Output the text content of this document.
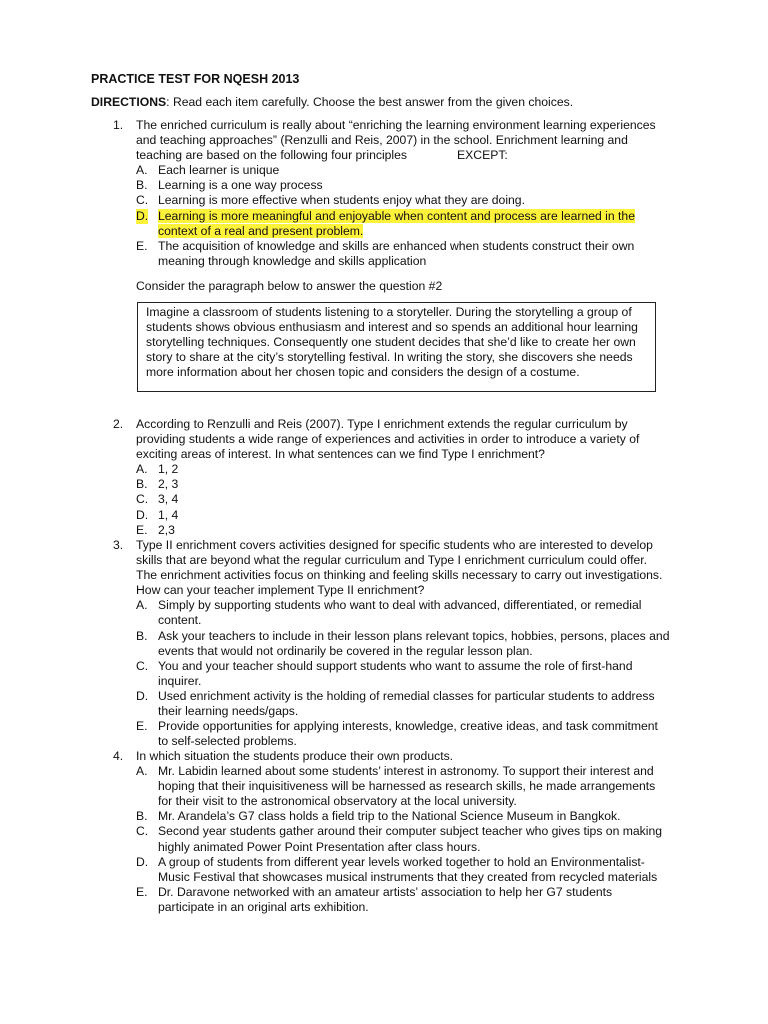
PRACTICE TEST FOR NQESH 2013
DIRECTIONS: Read each item carefully. Choose the best answer from the given choices.
1. The enriched curriculum is really about “enriching the learning environment learning experiences
and teaching approaches” (Renzulli and Reis, 2007) in the school. Enrichment learning and
teaching are based on the following four principles	EXCEPT:
A. Each learner is unique
B. Learning is a one way process
C. Learning is more effective when students enjoy what they are doing.
D. Learning is more meaningful and enjoyable when content and process are learned in the
context of a real and present problem.
E. The acquisition of knowledge and skills are enhanced when students construct their own
meaning through knowledge and skills application
Consider the paragraph below to answer the question #2
Imagine a classroom of students listening to a storyteller. During the storytelling a group of
students shows obvious enthusiasm and interest and so spends an additional hour learning
storytelling techniques. Consequently one student decides that she’d like to create her own
story to share at the city’s storytelling festival. In writing the story, she discovers she needs
more information about her chosen topic and considers the design of a costume.
2. According to Renzulli and Reis (2007). Type I enrichment extends the regular curriculum by
providing students a wide range of experiences and activities in order to introduce a variety of
exciting areas of interest. In what sentences can we find Type I enrichment?
A. 1, 2
B. 2, 3
C. 3, 4
D. 1, 4
E. 2,3
3. Type II enrichment covers activities designed for specific students who are interested to develop
skills that are beyond what the regular curriculum and Type I enrichment curriculum could offer.
The enrichment activities focus on thinking and feeling skills necessary to carry out investigations.
How can your teacher implement Type II enrichment?
A. Simply by supporting students who want to deal with advanced, differentiated, or remedial
content.
B. Ask your teachers to include in their lesson plans relevant topics, hobbies, persons, places and
events that would not ordinarily be covered in the regular lesson plan.
C. You and your teacher should support students who want to assume the role of first-hand
inquirer.
D. Used enrichment activity is the holding of remedial classes for particular students to address
their learning needs/gaps.
E. Provide opportunities for applying interests, knowledge, creative ideas, and task commitment
to self-selected problems.
4. In which situation the students produce their own products.
A. Mr. Labidin learned about some students’ interest in astronomy. To support their interest and
hoping that their inquisitiveness will be harnessed as research skills, he made arrangements
for their visit to the astronomical observatory at the local university.
B. Mr. Arandela’s G7 class holds a field trip to the National Science Museum in Bangkok.
C. Second year students gather around their computer subject teacher who gives tips on making
highly animated Power Point Presentation after class hours.
D. A group of students from different year levels worked together to hold an Environmentalist-
Music Festival that showcases musical instruments that they created from recycled materials
E. Dr. Daravone networked with an amateur artists’ association to help her G7 students
participate in an original arts exhibition.
